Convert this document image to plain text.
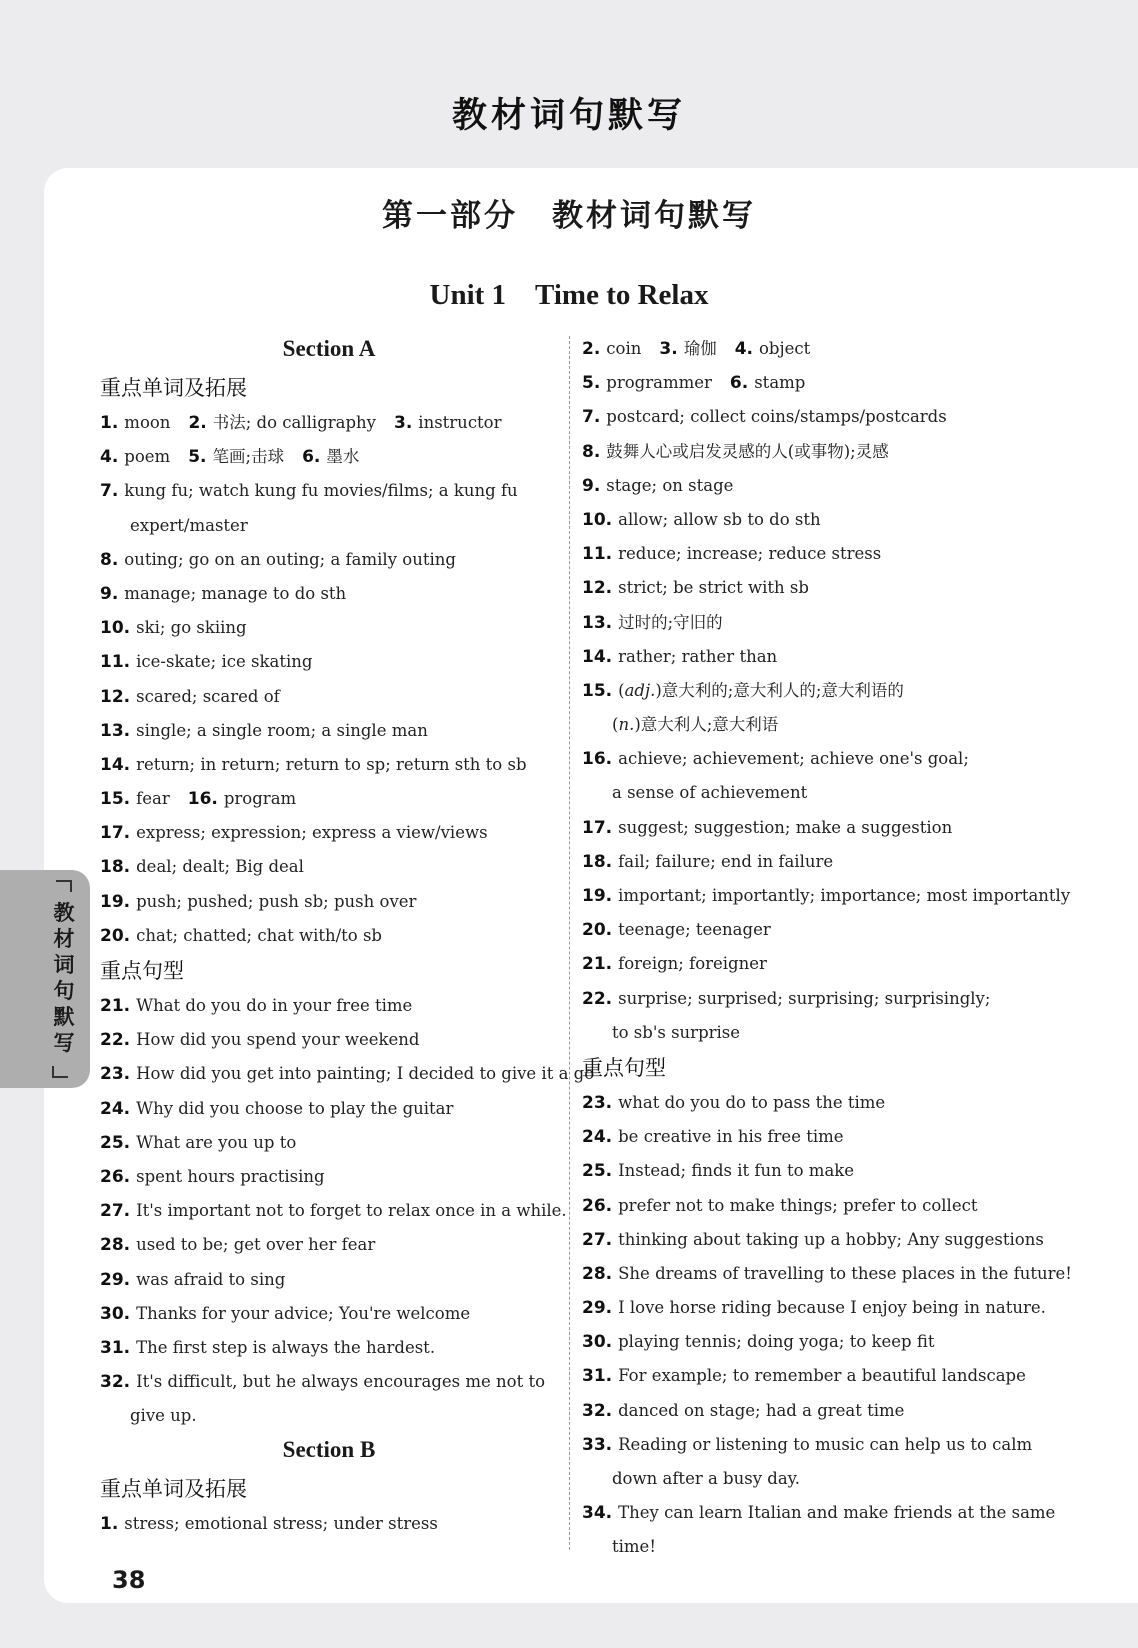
教材词句默写
第一部分　教材词句默写
Unit 1　Time to Relax
Section A
重点单词及拓展
1. moon 2. 书法; do calligraphy 3. instructor
4. poem 5. 笔画;击球 6. 墨水
7. kung fu; watch kung fu movies/films; a kung fu
expert/master
8. outing; go on an outing; a family outing
9. manage; manage to do sth
10. ski; go skiing
11. ice-skate; ice skating
12. scared; scared of
13. single; a single room; a single man
14. return; in return; return to sp; return sth to sb
15. fear 16. program
17. express; expression; express a view/views
18. deal; dealt; Big deal
19. push; pushed; push sb; push over
20. chat; chatted; chat with/to sb
重点句型
21. What do you do in your free time
22. How did you spend your weekend
23. How did you get into painting; I decided to give it a go
24. Why did you choose to play the guitar
25. What are you up to
26. spent hours practising
27. It's important not to forget to relax once in a while.
28. used to be; get over her fear
29. was afraid to sing
30. Thanks for your advice; You're welcome
31. The first step is always the hardest.
32. It's difficult, but he always encourages me not to
give up.
Section B
重点单词及拓展
1. stress; emotional stress; under stress
2. coin 3. 瑜伽 4. object
5. programmer 6. stamp
7. postcard; collect coins/stamps/postcards
8. 鼓舞人心或启发灵感的人(或事物);灵感
9. stage; on stage
10. allow; allow sb to do sth
11. reduce; increase; reduce stress
12. strict; be strict with sb
13. 过时的;守旧的
14. rather; rather than
15. (adj.)意大利的;意大利人的;意大利语的
(n.)意大利人;意大利语
16. achieve; achievement; achieve one's goal;
a sense of achievement
17. suggest; suggestion; make a suggestion
18. fail; failure; end in failure
19. important; importantly; importance; most importantly
20. teenage; teenager
21. foreign; foreigner
22. surprise; surprised; surprising; surprisingly;
to sb's surprise
重点句型
23. what do you do to pass the time
24. be creative in his free time
25. Instead; finds it fun to make
26. prefer not to make things; prefer to collect
27. thinking about taking up a hobby; Any suggestions
28. She dreams of travelling to these places in the future!
29. I love horse riding because I enjoy being in nature.
30. playing tennis; doing yoga; to keep fit
31. For example; to remember a beautiful landscape
32. danced on stage; had a great time
33. Reading or listening to music can help us to calm
down after a busy day.
34. They can learn Italian and make friends at the same
time!
教材词句默写
38
